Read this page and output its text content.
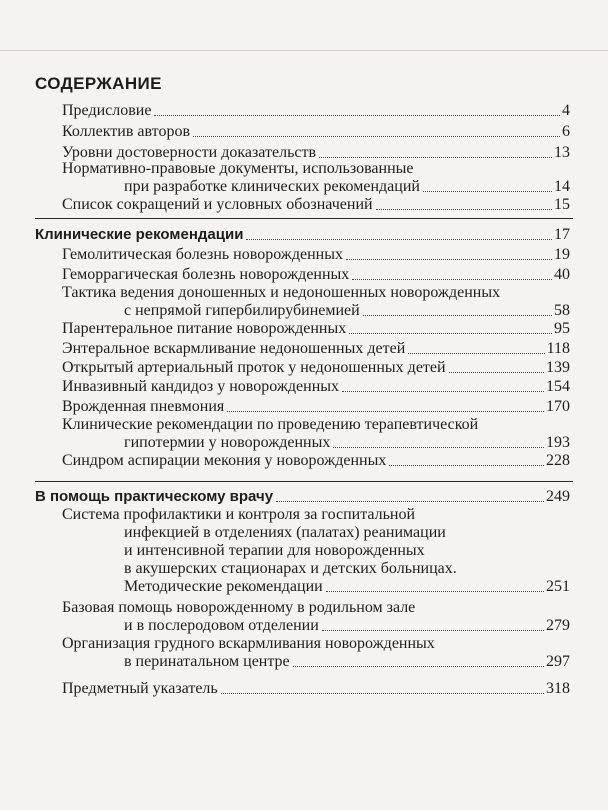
СОДЕРЖАНИЕ
Предисловие	4
Коллектив авторов	6
Уровни достоверности доказательств	13
Нормативно-правовые документы, использованные
при разработке клинических рекомендаций	14
Список сокращений и условных обозначений	15
Клинические рекомендации	17
Гемолитическая болезнь новорожденных	19
Геморрагическая болезнь новорожденных	40
Тактика ведения доношенных и недоношенных новорожденных
с непрямой гипербилирубинемией	58
Парентеральное питание новорожденных	95
Энтеральное вскармливание недоношенных детей	118
Открытый артериальный проток у недоношенных детей	139
Инвазивный кандидоз у новорожденных	154
Врожденная пневмония	170
Клинические рекомендации по проведению терапевтической
гипотермии у новорожденных	193
Синдром аспирации мекония у новорожденных	228
В помощь практическому врачу	249
Система профилактики и контроля за госпитальной
инфекцией в отделениях (палатах) реанимации
и интенсивной терапии для новорожденных
в акушерских стационарах и детских больницах.
Методические рекомендации	251
Базовая помощь новорожденному в родильном зале
и в послеродовом отделении	279
Организация грудного вскармливания новорожденных
в перинатальном центре	297
Предметный указатель	318
